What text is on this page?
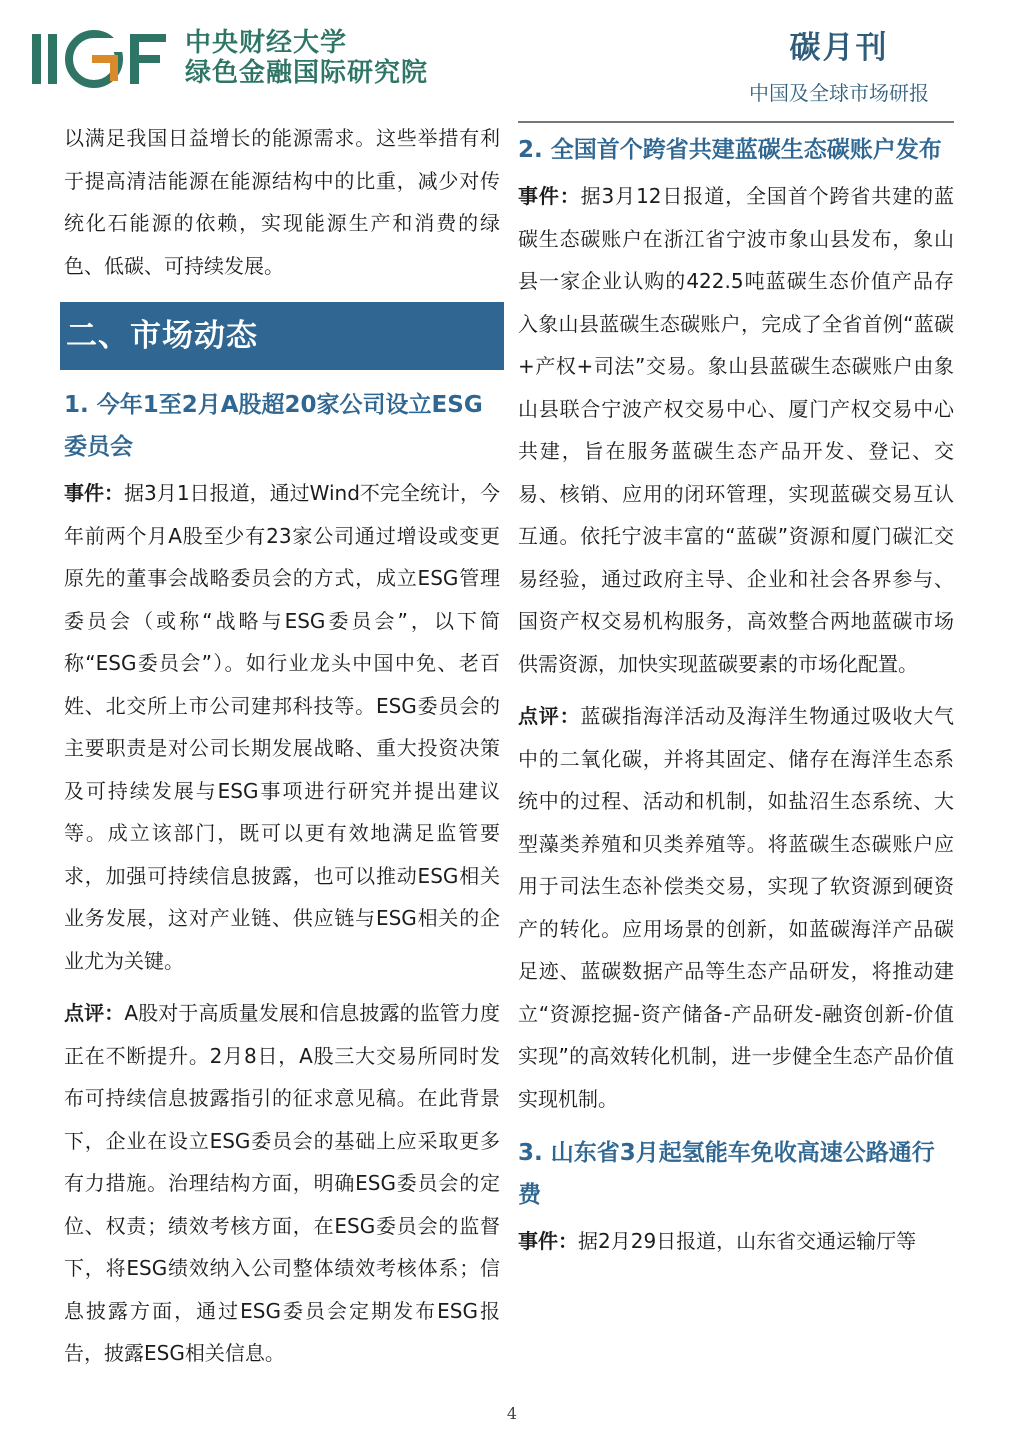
中央财经大学
绿色金融国际研究院
碳月刊
中国及全球市场研报

以满足我国日益增长的能源需求。这些举措有利于提高清洁能源在能源结构中的比重，减少对传统化石能源的依赖，实现能源生产和消费的绿色、低碳、可持续发展。

二、市场动态
1. 今年1至2月A股超20家公司设立ESG委员会

事件：据3月1日报道，通过Wind不完全统计，今年前两个月A股至少有23家公司通过增设或变更原先的董事会战略委员会的方式，成立ESG管理委员会（或称“战略与ESG委员会”，以下简称“ESG委员会”）。如行业龙头中国中免、老百姓、北交所上市公司建邦科技等。ESG委员会的主要职责是对公司长期发展战略、重大投资决策及可持续发展与ESG事项进行研究并提出建议等。成立该部门，既可以更有效地满足监管要求，加强可持续信息披露，也可以推动ESG相关业务发展，这对产业链、供应链与ESG相关的企业尤为关键。

点评：A股对于高质量发展和信息披露的监管力度正在不断提升。2月8日，A股三大交易所同时发布可持续信息披露指引的征求意见稿。在此背景下，企业在设立ESG委员会的基础上应采取更多有力措施。治理结构方面，明确ESG委员会的定位、权责；绩效考核方面，在ESG委员会的监督下，将ESG绩效纳入公司整体绩效考核体系；信息披露方面，通过ESG委员会定期发布ESG报告，披露ESG相关信息。

2. 全国首个跨省共建蓝碳生态碳账户发布

事件：据3月12日报道，全国首个跨省共建的蓝碳生态碳账户在浙江省宁波市象山县发布，象山县一家企业认购的422.5吨蓝碳生态价值产品存入象山县蓝碳生态碳账户，完成了全省首例“蓝碳+产权+司法”交易。象山县蓝碳生态碳账户由象山县联合宁波产权交易中心、厦门产权交易中心共建，旨在服务蓝碳生态产品开发、登记、交易、核销、应用的闭环管理，实现蓝碳交易互认互通。依托宁波丰富的“蓝碳”资源和厦门碳汇交易经验，通过政府主导、企业和社会各界参与、国资产权交易机构服务，高效整合两地蓝碳市场供需资源，加快实现蓝碳要素的市场化配置。

点评：蓝碳指海洋活动及海洋生物通过吸收大气中的二氧化碳，并将其固定、储存在海洋生态系统中的过程、活动和机制，如盐沼生态系统、大型藻类养殖和贝类养殖等。将蓝碳生态碳账户应用于司法生态补偿类交易，实现了软资源到硬资产的转化。应用场景的创新，如蓝碳海洋产品碳足迹、蓝碳数据产品等生态产品研发，将推动建立“资源挖掘-资产储备-产品研发-融资创新-价值实现”的高效转化机制，进一步健全生态产品价值实现机制。

3. 山东省3月起氢能车免收高速公路通行费

事件：据2月29日报道，山东省交通运输厅等

4
